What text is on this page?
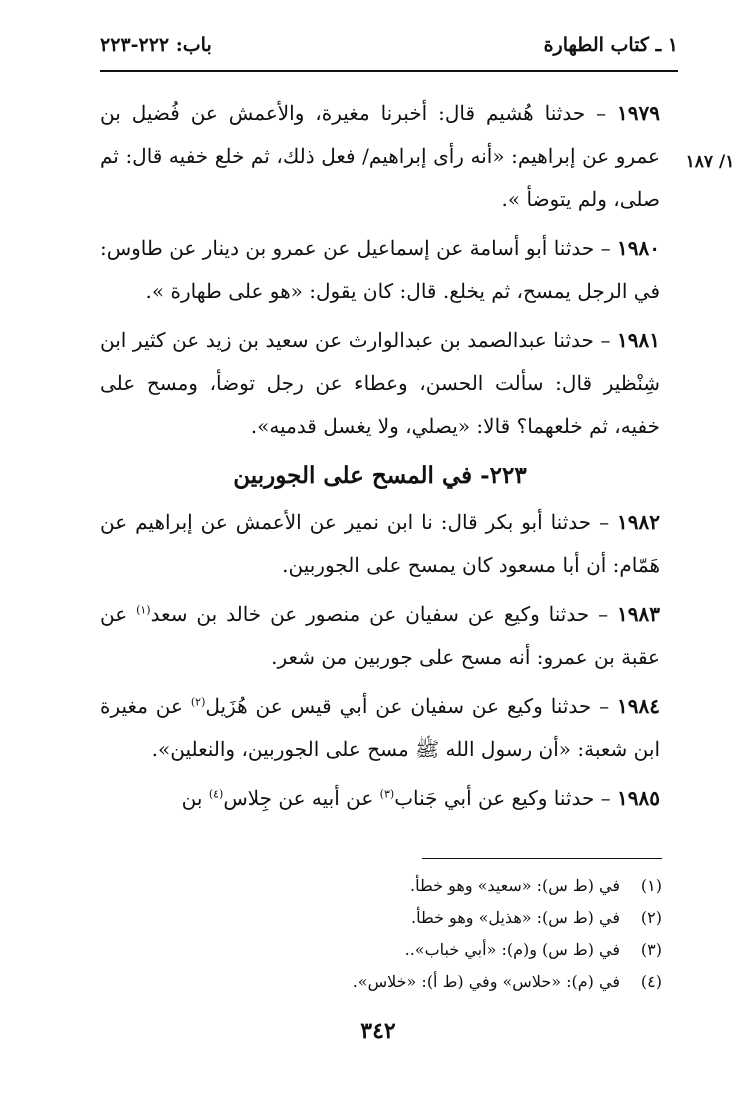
١ ـ كتاب الطهارة
باب: ٢٢٢-٢٢٣
١/ ١٨٧

١٩٧٩ – حدثنا هُشيم قال: أخبرنا مغيرة، والأعمش عن فُضيل بن عمرو عن إبراهيم: «أنه رأى إبراهيم/ فعل ذلك، ثم خلع خفيه قال: ثم صلى، ولم يتوضأ ».

١٩٨٠ – حدثنا أبو أسامة عن إسماعيل عن عمرو بن دينار عن طاوس: في الرجل يمسح، ثم يخلع. قال: كان يقول: «هو على طهارة ».

١٩٨١ – حدثنا عبدالصمد بن عبدالوارث عن سعيد بن زيد عن كثير ابن شِنْظير قال: سألت الحسن، وعطاء عن رجل توضأ، ومسح على خفيه، ثم خلعهما؟ قالا: «يصلي، ولا يغسل قدميه».

٢٢٣- في المسح على الجوربين

١٩٨٢ – حدثنا أبو بكر قال: نا ابن نمير عن الأعمش عن إبراهيم عن هَمّام: أن أبا مسعود كان يمسح على الجوربين.

١٩٨٣ – حدثنا وكيع عن سفيان عن منصور عن خالد بن سعد$^{(١)}$ عن عقبة بن عمرو: أنه مسح على جوربين من شعر.

١٩٨٤ – حدثنا وكيع عن سفيان عن أبي قيس عن هُزَيل$^{(٢)}$ عن مغيرة ابن شعبة: «أن رسول الله ﷺ مسح على الجوربين، والنعلين».

١٩٨٥ – حدثنا وكيع عن أبي جَناب$^{(٣)}$ عن أبيه عن جِلاس$^{(٤)}$ بن

(١)
في (ط س): «سعيد» وهو خطأ.
(٢)
في (ط س): «هذيل» وهو خطأ.
(٣)
في (ط س) و(م): «أبي خباب»..
(٤)
في (م): «حلاس» وفي (ط أ): «خلاس».
٣٤٢
